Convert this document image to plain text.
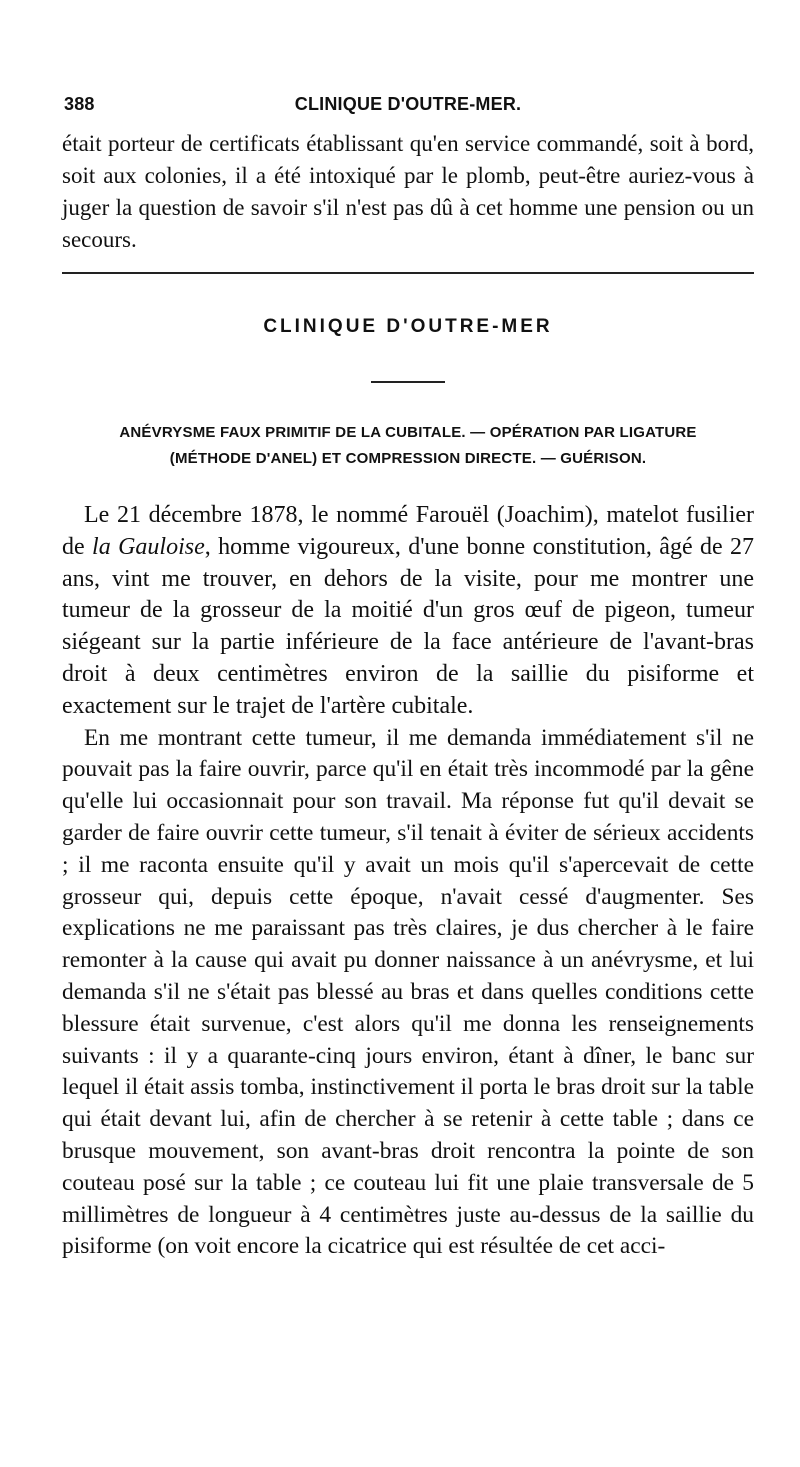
388	CLINIQUE D'OUTRE-MER.
était porteur de certificats établissant qu'en service commandé, soit à bord, soit aux colonies, il a été intoxiqué par le plomb, peut-être auriez-vous à juger la question de savoir s'il n'est pas dû à cet homme une pension ou un secours.
CLINIQUE D'OUTRE-MER
ANÉVRYSME FAUX PRIMITIF DE LA CUBITALE. — OPÉRATION PAR LIGATURE
(MÉTHODE D'ANEL) ET COMPRESSION DIRECTE. — GUÉRISON.

Le 21 décembre 1878, le nommé Farouël (Joachim), matelot fusilier de la Gauloise, homme vigoureux, d'une bonne constitution, âgé de 27 ans, vint me trouver, en dehors de la visite, pour me montrer une tumeur de la grosseur de la moitié d'un gros œuf de pigeon, tumeur siégeant sur la partie inférieure de la face antérieure de l'avant-bras droit à deux centimètres environ de la saillie du pisiforme et exactement sur le trajet de l'artère cubitale.

En me montrant cette tumeur, il me demanda immédiatement s'il ne pouvait pas la faire ouvrir, parce qu'il en était très incommodé par la gêne qu'elle lui occasionnait pour son travail. Ma réponse fut qu'il devait se garder de faire ouvrir cette tumeur, s'il tenait à éviter de sérieux accidents ; il me raconta ensuite qu'il y avait un mois qu'il s'apercevait de cette grosseur qui, depuis cette époque, n'avait cessé d'augmenter. Ses explications ne me paraissant pas très claires, je dus chercher à le faire remonter à la cause qui avait pu donner naissance à un anévrysme, et lui demanda s'il ne s'était pas blessé au bras et dans quelles conditions cette blessure était survenue, c'est alors qu'il me donna les renseignements suivants : il y a quarante-cinq jours environ, étant à dîner, le banc sur lequel il était assis tomba, instinctivement il porta le bras droit sur la table qui était devant lui, afin de chercher à se retenir à cette table ; dans ce brusque mouvement, son avant-bras droit rencontra la pointe de son couteau posé sur la table ; ce couteau lui fit une plaie transversale de 5 millimètres de longueur à 4 centimètres juste au-dessus de la saillie du pisiforme (on voit encore la cicatrice qui est résultée de cet acci-
